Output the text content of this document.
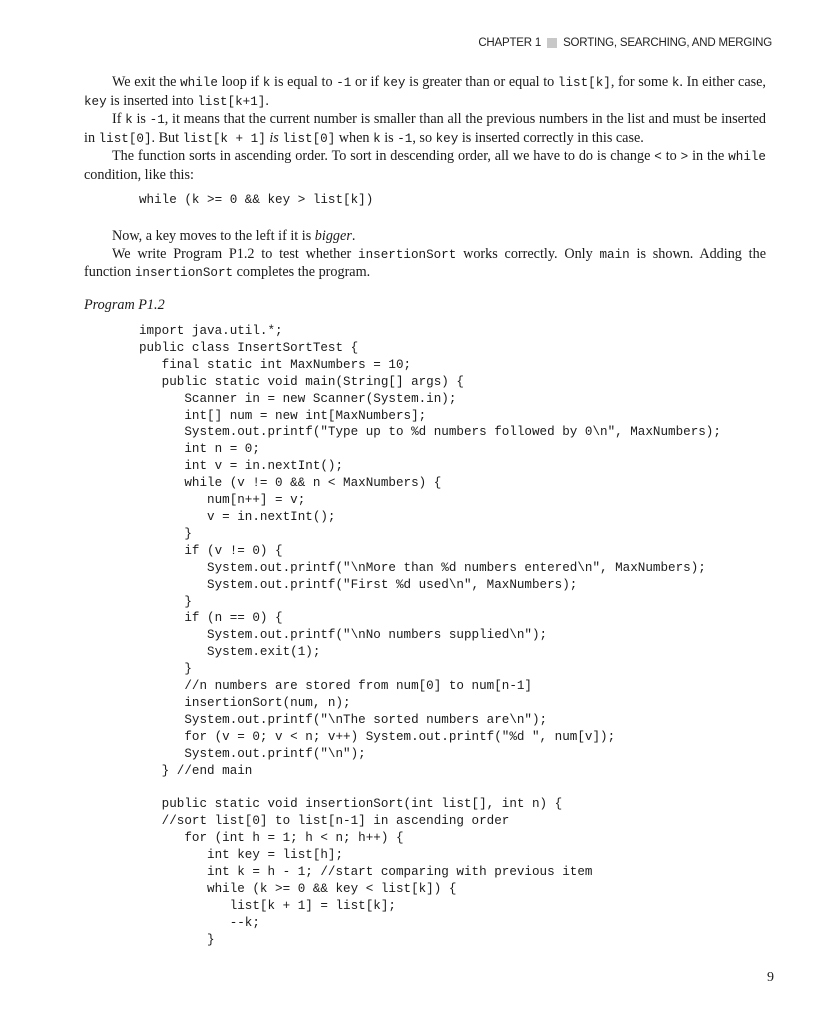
CHAPTER 1 SORTING, SEARCHING, AND MERGING

We exit the while loop if k is equal to -1 or if key is greater than or equal to list[k], for some k. In either case, key is inserted into list[k+1].

If k is -1, it means that the current number is smaller than all the previous numbers in the list and must be inserted in list[0]. But list[k + 1] is list[0] when k is -1, so key is inserted correctly in this case.

The function sorts in ascending order. To sort in descending order, all we have to do is change < to > in the while condition, like this:

while (k >= 0 && key > list[k])

Now, a key moves to the left if it is bigger.

We write Program P1.2 to test whether insertionSort works correctly. Only main is shown. Adding the function insertionSort completes the program.

Program P1.2
import java.util.*;
public class InsertSortTest {
final static int MaxNumbers = 10;
public static void main(String[] args) {
Scanner in = new Scanner(System.in);
int[] num = new int[MaxNumbers];
System.out.printf("Type up to %d numbers followed by 0\n", MaxNumbers);
int n = 0;
int v = in.nextInt();
while (v != 0 && n < MaxNumbers) {
num[n++] = v;
v = in.nextInt();
}
if (v != 0) {
System.out.printf("\nMore than %d numbers entered\n", MaxNumbers);
System.out.printf("First %d used\n", MaxNumbers);
}
if (n == 0) {
System.out.printf("\nNo numbers supplied\n");
System.exit(1);
}
//n numbers are stored from num[0] to num[n-1]
insertionSort(num, n);
System.out.printf("\nThe sorted numbers are\n");
for (v = 0; v < n; v++) System.out.printf("%d ", num[v]);
System.out.printf("\n");
} //end main

public static void insertionSort(int list[], int n) {
//sort list[0] to list[n-1] in ascending order
for (int h = 1; h < n; h++) {
int key = list[h];
int k = h - 1; //start comparing with previous item
while (k >= 0 && key < list[k]) {
list[k + 1] = list[k];
--k;
}
9
